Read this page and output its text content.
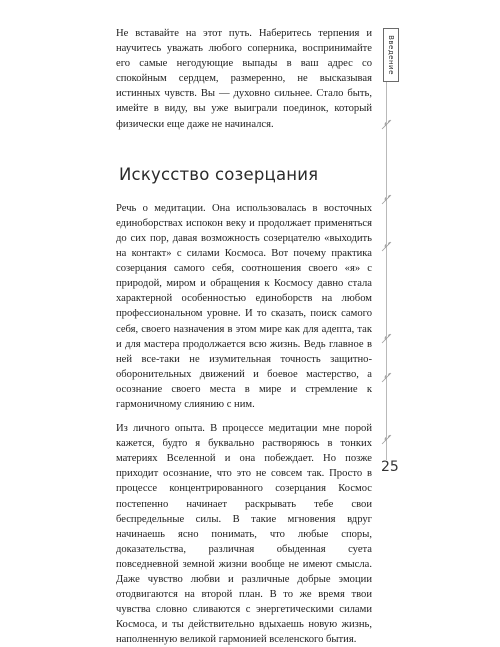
Не вставайте на этот путь. Наберитесь терпения и научитесь уважать любого соперника, воспринимайте его самые негодующие выпады в ваш адрес со спокойным сердцем, размеренно, не высказывая истинных чувств. Вы — духовно сильнее. Стало быть, имейте в виду, вы уже выиграли поединок, который физически еще даже не начинался.

Искусство созерцания

Речь о медитации. Она использовалась в восточных единоборствах испокон веку и продолжает применяться до сих пор, давая возможность созерцателю «выходить на контакт» с силами Космоса. Вот почему практика созерцания самого себя, соотношения своего «я» с природой, миром и обращения к Космосу давно стала характерной особенностью единоборств на любом профессиональном уровне. И то сказать, поиск самого себя, своего назначения в этом мире как для адепта, так и для мастера продолжается всю жизнь. Ведь главное в ней все-таки не изумительная точность защитно-оборонительных движений и боевое мастерство, а осознание своего места в мире и стремление к гармоничному слиянию с ним.

Из личного опыта. В процессе медитации мне порой кажется, будто я буквально растворяюсь в тонких материях Вселенной и она побеждает. Но позже приходит осознание, что это не совсем так. Просто в процессе концентрированного созерцания Космос постепенно начинает раскрывать тебе свои беспредельные силы. В такие мгновения вдруг начинаешь ясно понимать, что любые споры, доказательства, различная обыденная суета повседневной земной жизни вообще не имеют смысла. Даже чувство любви и различные добрые эмоции отодвигаются на второй план. В то же время твои чувства словно сливаются с энергетическими силами Космоса, и ты действительно вдыхаешь новую жизнь, наполненную великой гармонией вселенского бытия.

Введение
25
